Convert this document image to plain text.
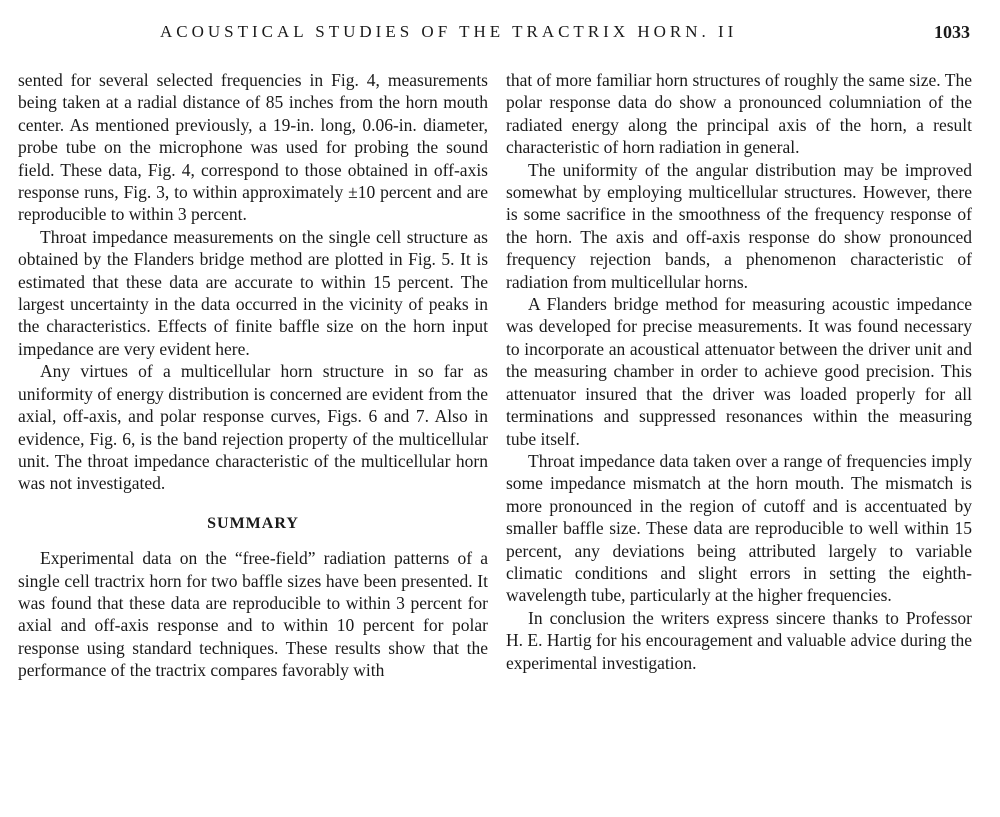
ACOUSTICAL STUDIES OF THE TRACTRIX HORN. II	1033

sented for several selected frequencies in Fig. 4, measurements being taken at a radial distance of 85 inches from the horn mouth center. As mentioned previously, a 19-in. long, 0.06-in. diameter, probe tube on the microphone was used for probing the sound field. These data, Fig. 4, correspond to those obtained in off-axis response runs, Fig. 3, to within approximately ±10 percent and are reproducible to within 3 percent.

Throat impedance measurements on the single cell structure as obtained by the Flanders bridge method are plotted in Fig. 5. It is estimated that these data are accurate to within 15 percent. The largest uncertainty in the data occurred in the vicinity of peaks in the characteristics. Effects of finite baffle size on the horn input impedance are very evident here.

Any virtues of a multicellular horn structure in so far as uniformity of energy distribution is concerned are evident from the axial, off-axis, and polar response curves, Figs. 6 and 7. Also in evidence, Fig. 6, is the band rejection property of the multicellular unit. The throat impedance characteristic of the multicellular horn was not investigated.

SUMMARY

Experimental data on the “free-field” radiation patterns of a single cell tractrix horn for two baffle sizes have been presented. It was found that these data are reproducible to within 3 percent for axial and off-axis response and to within 10 percent for polar response using standard techniques. These results show that the performance of the tractrix compares favorably with

that of more familiar horn structures of roughly the same size. The polar response data do show a pronounced columniation of the radiated energy along the principal axis of the horn, a result characteristic of horn radiation in general.

The uniformity of the angular distribution may be improved somewhat by employing multicellular structures. However, there is some sacrifice in the smoothness of the frequency response of the horn. The axis and off-axis response do show pronounced frequency rejection bands, a phenomenon characteristic of radiation from multicellular horns.

A Flanders bridge method for measuring acoustic impedance was developed for precise measurements. It was found necessary to incorporate an acoustical attenuator between the driver unit and the measuring chamber in order to achieve good precision. This attenuator insured that the driver was loaded properly for all terminations and suppressed resonances within the measuring tube itself.

Throat impedance data taken over a range of frequencies imply some impedance mismatch at the horn mouth. The mismatch is more pronounced in the region of cutoff and is accentuated by smaller baffle size. These data are reproducible to well within 15 percent, any deviations being attributed largely to variable climatic conditions and slight errors in setting the eighth-wavelength tube, particularly at the higher frequencies.

In conclusion the writers express sincere thanks to Professor H. E. Hartig for his encouragement and valuable advice during the experimental investigation.
